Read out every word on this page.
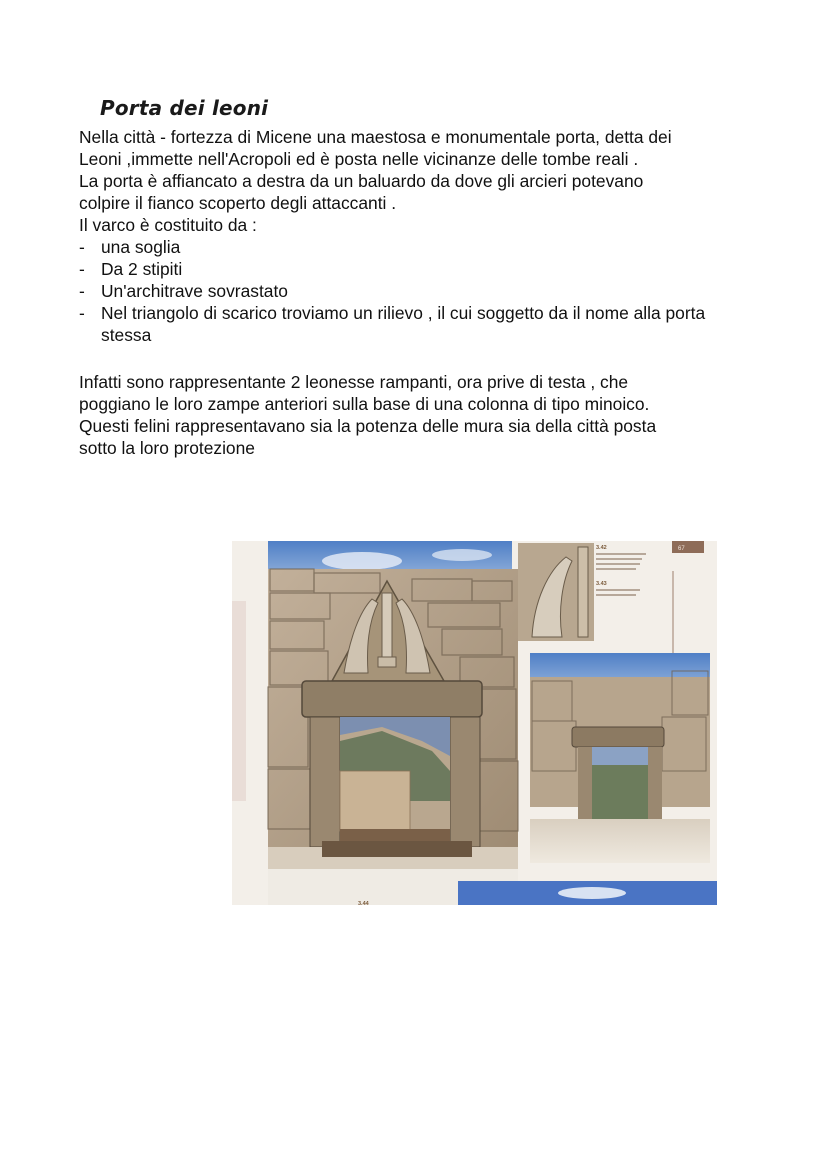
Porta dei leoni
Nella città - fortezza di Micene una maestosa e monumentale porta, detta dei
Leoni ,immette nell'Acropoli ed è posta nelle vicinanze delle tombe reali .
La porta è affiancato a destra da un baluardo da dove gli arcieri potevano
colpire il fianco scoperto degli attaccanti .
Il varco è costituito da :
- una soglia
- Da 2 stipiti
- Un'architrave sovrastato
- Nel triangolo di scarico troviamo un rilievo , il cui soggetto da il nome alla porta stessa
Infatti sono rappresentante 2 leonesse rampanti, ora prive di testa , che
poggiano le loro zampe anteriori sulla base di una colonna di tipo minoico.
Questi felini rappresentavano sia la potenza delle mura sia della città posta
sotto la loro protezione
3.42
3.43
67
3.44
